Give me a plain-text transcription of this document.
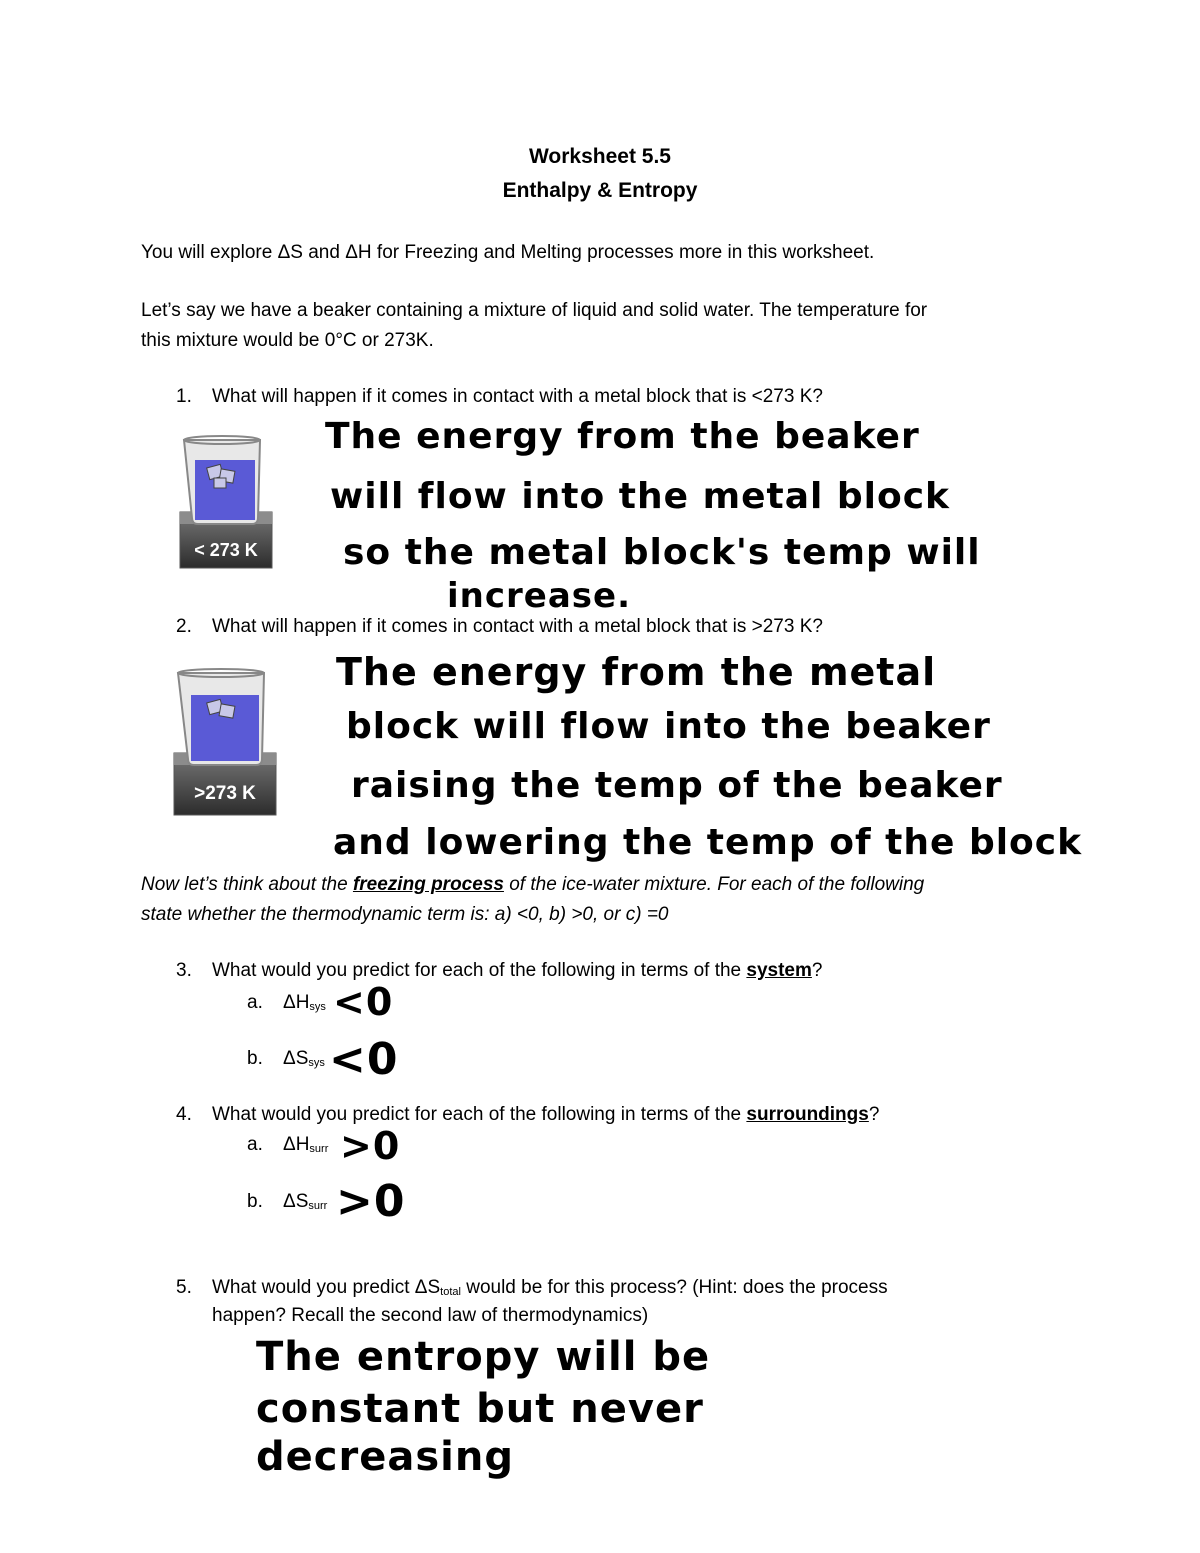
Worksheet 5.5
Enthalpy & Entropy
You will explore ΔS and ΔH for Freezing and Melting processes more in this worksheet.
Let’s say we have a beaker containing a mixture of liquid and solid water. The temperature for
this mixture would be 0°C or 273K.
1.	What will happen if it comes in contact with a metal block that is <273 K?
< 273 K
The energy from the beaker
will flow into the metal block
so the metal block's temp will
increase.
2.	What will happen if it comes in contact with a metal block that is >273 K?
>273 K
The energy from the metal
block will flow into the beaker
raising the temp of the beaker
and lowering the temp of the block
Now let’s think about the freezing process of the ice-water mixture. For each of the following
state whether the thermodynamic term is: a) <0, b) >0, or c) =0
3.	What would you predict for each of the following in terms of the system?
a. $\Delta H_{sys} <0$
b. $\Delta S_{sys} <0$
4.	What would you predict for each of the following in terms of the surroundings?
a. $\Delta H_{surr} >0$
b. $\Delta S_{surr} >0$
5.	What would you predict $\Delta S_{total}$ would be for this process? (Hint: does the process
happen? Recall the second law of thermodynamics)
The entropy will be
constant but never
decreasing
